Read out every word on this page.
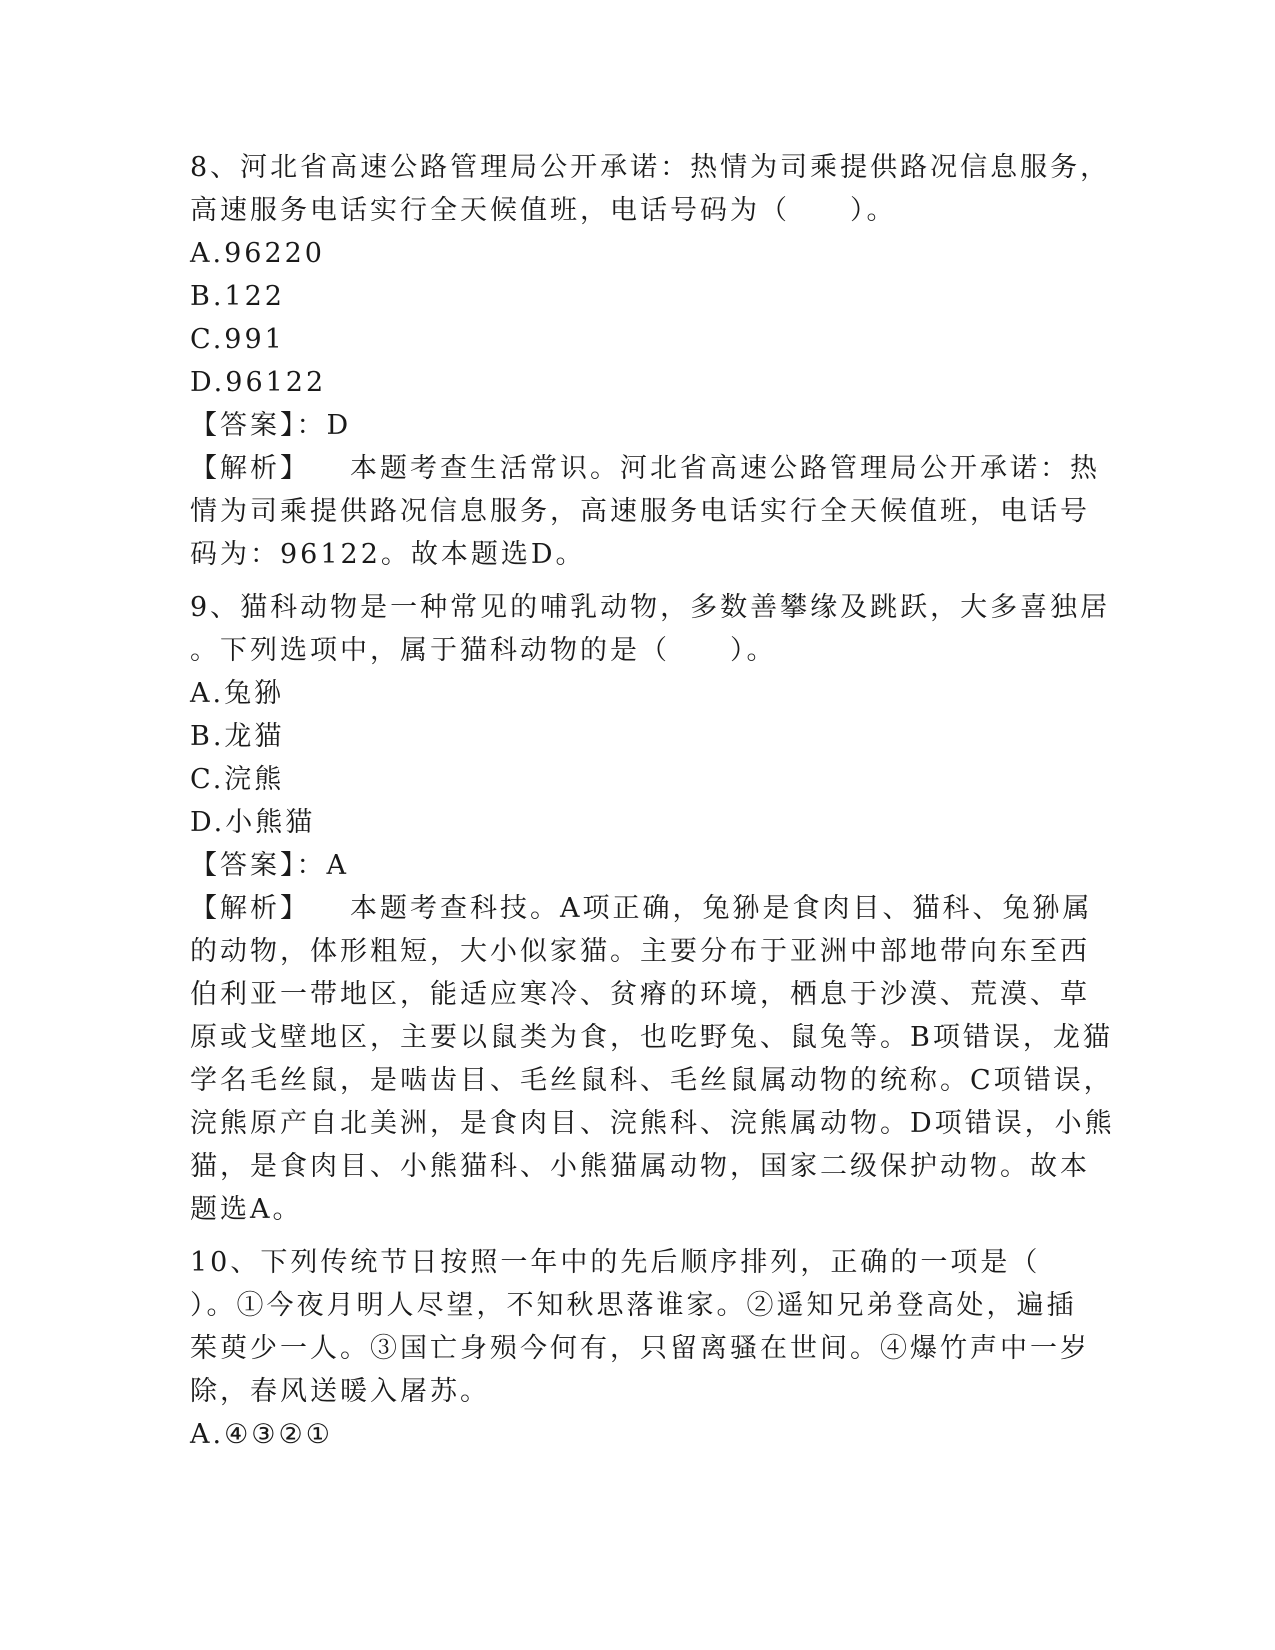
8、河北省高速公路管理局公开承诺：热情为司乘提供路况信息服务，
高速服务电话实行全天候值班，电话号码为（　　）。
A.96220
B.122
C.991
D.96122
【答案】：D
【解析】 本题考查生活常识。河北省高速公路管理局公开承诺：热
情为司乘提供路况信息服务，高速服务电话实行全天候值班，电话号
码为：96122。故本题选D。
9、猫科动物是一种常见的哺乳动物，多数善攀缘及跳跃，大多喜独居
。下列选项中，属于猫科动物的是（　　）。
A.兔狲
B.龙猫
C.浣熊
D.小熊猫
【答案】：A
【解析】 本题考查科技。A项正确，兔狲是食肉目、猫科、兔狲属
的动物，体形粗短，大小似家猫。主要分布于亚洲中部地带向东至西
伯利亚一带地区，能适应寒冷、贫瘠的环境，栖息于沙漠、荒漠、草
原或戈壁地区，主要以鼠类为食，也吃野兔、鼠兔等。B项错误，龙猫
学名毛丝鼠，是啮齿目、毛丝鼠科、毛丝鼠属动物的统称。C项错误，
浣熊原产自北美洲，是食肉目、浣熊科、浣熊属动物。D项错误，小熊
猫，是食肉目、小熊猫科、小熊猫属动物，国家二级保护动物。故本
题选A。
10、下列传统节日按照一年中的先后顺序排列，正确的一项是（
）。①今夜月明人尽望，不知秋思落谁家。②遥知兄弟登高处，遍插
茱萸少一人。③国亡身殒今何有，只留离骚在世间。④爆竹声中一岁
除，春风送暖入屠苏。
A.④③②①
